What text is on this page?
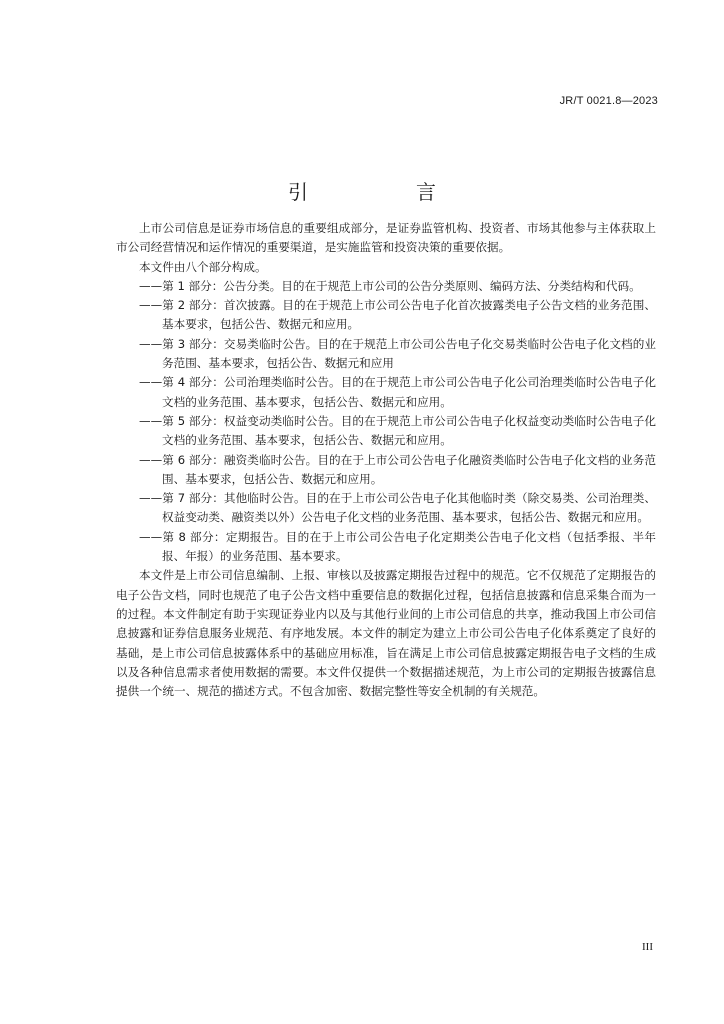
JR/T 0021.8—2023
引　言

上市公司信息是证券市场信息的重要组成部分，是证券监管机构、投资者、市场其他参与主体获取上市公司经营情况和运作情况的重要渠道，是实施监管和投资决策的重要依据。

本文件由八个部分构成。

——第 1 部分：公告分类。目的在于规范上市公司的公告分类原则、编码方法、分类结构和代码。

——第 2 部分：首次披露。目的在于规范上市公司公告电子化首次披露类电子公告文档的业务范围、基本要求，包括公告、数据元和应用。

——第 3 部分：交易类临时公告。目的在于规范上市公司公告电子化交易类临时公告电子化文档的业务范围、基本要求，包括公告、数据元和应用

——第 4 部分：公司治理类临时公告。目的在于规范上市公司公告电子化公司治理类临时公告电子化文档的业务范围、基本要求，包括公告、数据元和应用。

——第 5 部分：权益变动类临时公告。目的在于规范上市公司公告电子化权益变动类临时公告电子化文档的业务范围、基本要求，包括公告、数据元和应用。

——第 6 部分：融资类临时公告。目的在于上市公司公告电子化融资类临时公告电子化文档的业务范围、基本要求，包括公告、数据元和应用。

——第 7 部分：其他临时公告。目的在于上市公司公告电子化其他临时类（除交易类、公司治理类、权益变动类、融资类以外）公告电子化文档的业务范围、基本要求，包括公告、数据元和应用。

——第 8 部分：定期报告。目的在于上市公司公告电子化定期类公告电子化文档（包括季报、半年报、年报）的业务范围、基本要求。

本文件是上市公司信息编制、上报、审核以及披露定期报告过程中的规范。它不仅规范了定期报告的电子公告文档，同时也规范了电子公告文档中重要信息的数据化过程，包括信息披露和信息采集合而为一的过程。本文件制定有助于实现证券业内以及与其他行业间的上市公司信息的共享，推动我国上市公司信息披露和证券信息服务业规范、有序地发展。本文件的制定为建立上市公司公告电子化体系奠定了良好的基础，是上市公司信息披露体系中的基础应用标准，旨在满足上市公司信息披露定期报告电子文档的生成以及各种信息需求者使用数据的需要。本文件仅提供一个数据描述规范，为上市公司的定期报告披露信息提供一个统一、规范的描述方式。不包含加密、数据完整性等安全机制的有关规范。

III
